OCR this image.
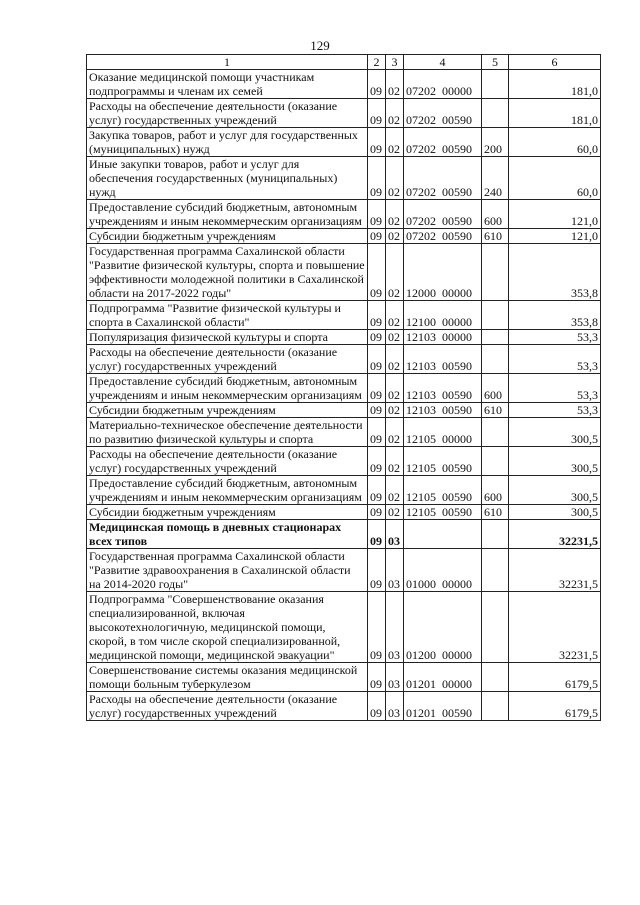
129
1	2	3	4	5	6
Оказание медицинской помощи участникам подпрограммы и членам их семей	09	02	07202 00000		181,0
Расходы на обеспечение деятельности (оказание услуг) государственных учреждений	09	02	07202 00590		181,0
Закупка товаров, работ и услуг для государственных (муниципальных) нужд	09	02	07202 00590	200	60,0
Иные закупки товаров, работ и услуг для обеспечения государственных (муниципальных) нужд	09	02	07202 00590	240	60,0
Предоставление субсидий бюджетным, автономным учреждениям и иным некоммерческим организациям	09	02	07202 00590	600	121,0
Субсидии бюджетным учреждениям	09	02	07202 00590	610	121,0
Государственная программа Сахалинской области "Развитие физической культуры, спорта и повышение эффективности молодежной политики в Сахалинской области на 2017-2022 годы"	09	02	12000 00000		353,8
Подпрограмма "Развитие физической культуры и спорта в Сахалинской области"	09	02	12100 00000		353,8
Популяризация физической культуры и спорта	09	02	12103 00000		53,3
Расходы на обеспечение деятельности (оказание услуг) государственных учреждений	09	02	12103 00590		53,3
Предоставление субсидий бюджетным, автономным учреждениям и иным некоммерческим организациям	09	02	12103 00590	600	53,3
Субсидии бюджетным учреждениям	09	02	12103 00590	610	53,3
Материально-техническое обеспечение деятельности по развитию физической культуры и спорта	09	02	12105 00000		300,5
Расходы на обеспечение деятельности (оказание услуг) государственных учреждений	09	02	12105 00590		300,5
Предоставление субсидий бюджетным, автономным учреждениям и иным некоммерческим организациям	09	02	12105 00590	600	300,5
Субсидии бюджетным учреждениям	09	02	12105 00590	610	300,5
Медицинская помощь в дневных стационарах всех типов	09	03			32231,5
Государственная программа Сахалинской области "Развитие здравоохранения в Сахалинской области на 2014-2020 годы"	09	03	01000 00000		32231,5
Подпрограмма "Совершенствование оказания специализированной, включая высокотехнологичную, медицинской помощи, скорой, в том числе скорой специализированной, медицинской помощи, медицинской эвакуации"	09	03	01200 00000		32231,5
Совершенствование системы оказания медицинской помощи больным туберкулезом	09	03	01201 00000		6179,5
Расходы на обеспечение деятельности (оказание услуг) государственных учреждений	09	03	01201 00590		6179,5
